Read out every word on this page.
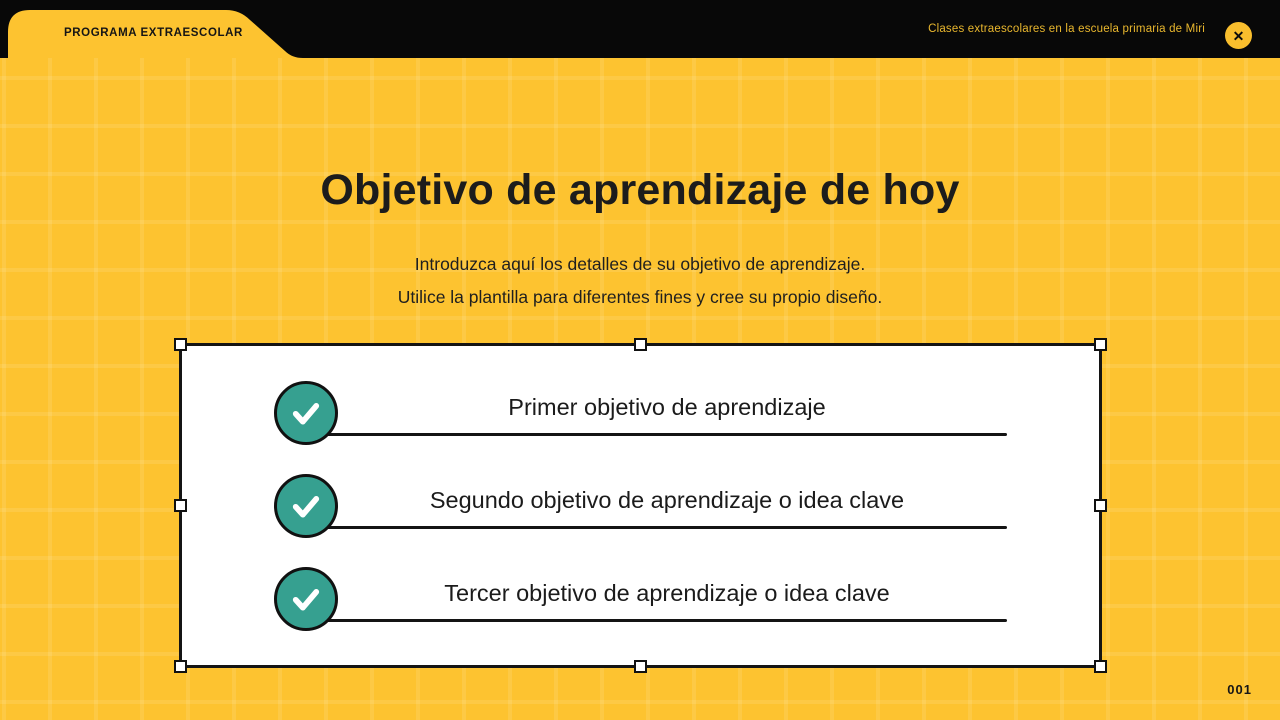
PROGRAMA EXTRAESCOLAR	Clases extraescolares en la escuela primaria de Miri ✕
Objetivo de aprendizaje de hoy
Introduzca aquí los detalles de su objetivo de aprendizaje.
Utilice la plantilla para diferentes fines y cree su propio diseño.
Primer objetivo de aprendizaje
Segundo objetivo de aprendizaje o idea clave
Tercer objetivo de aprendizaje o idea clave
001
